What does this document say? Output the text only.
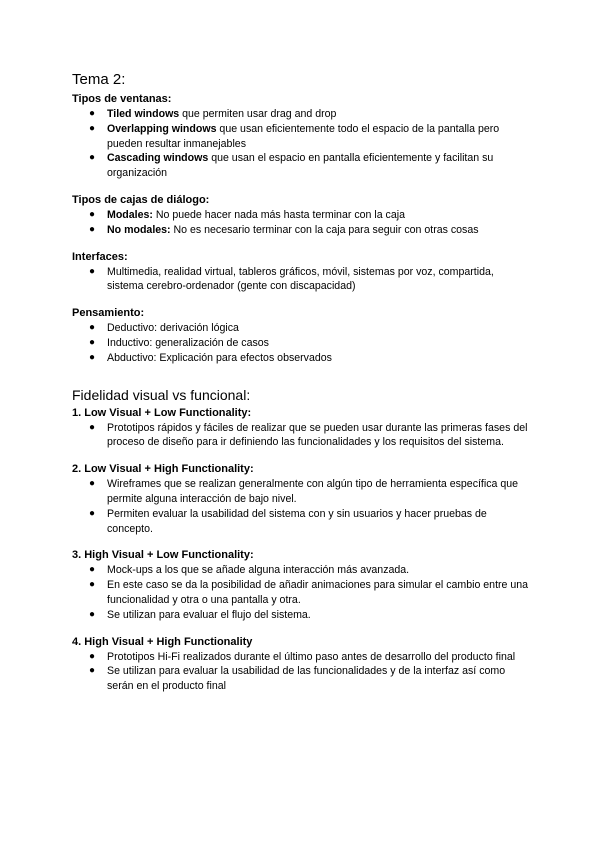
Tema 2:
Tipos de ventanas:
● Tiled windows que permiten usar drag and drop
● Overlapping windows que usan eficientemente todo el espacio de la pantalla pero pueden resultar inmanejables
● Cascading windows que usan el espacio en pantalla eficientemente y facilitan su organización
Tipos de cajas de diálogo:
● Modales: No puede hacer nada más hasta terminar con la caja
● No modales: No es necesario terminar con la caja para seguir con otras cosas
Interfaces:
● Multimedia, realidad virtual, tableros gráficos, móvil, sistemas por voz, compartida, sistema cerebro-ordenador (gente con discapacidad)
Pensamiento:
● Deductivo: derivación lógica
● Inductivo: generalización de casos
● Abductivo: Explicación para efectos observados
Fidelidad visual vs funcional:
1. Low Visual + Low Functionality:
● Prototipos rápidos y fáciles de realizar que se pueden usar durante las primeras fases del proceso de diseño para ir definiendo las funcionalidades y los requisitos del sistema.
2. Low Visual + High Functionality:
● Wireframes que se realizan generalmente con algún tipo de herramienta específica que permite alguna interacción de bajo nivel.
● Permiten evaluar la usabilidad del sistema con y sin usuarios y hacer pruebas de concepto.
3. High Visual + Low Functionality:
● Mock-ups a los que se añade alguna interacción más avanzada.
● En este caso se da la posibilidad de añadir animaciones para simular el cambio entre una funcionalidad y otra o una pantalla y otra.
● Se utilizan para evaluar el flujo del sistema.
4. High Visual + High Functionality
● Prototipos Hi-Fi realizados durante el último paso antes de desarrollo del producto final
● Se utilizan para evaluar la usabilidad de las funcionalidades y de la interfaz así como serán en el producto final
